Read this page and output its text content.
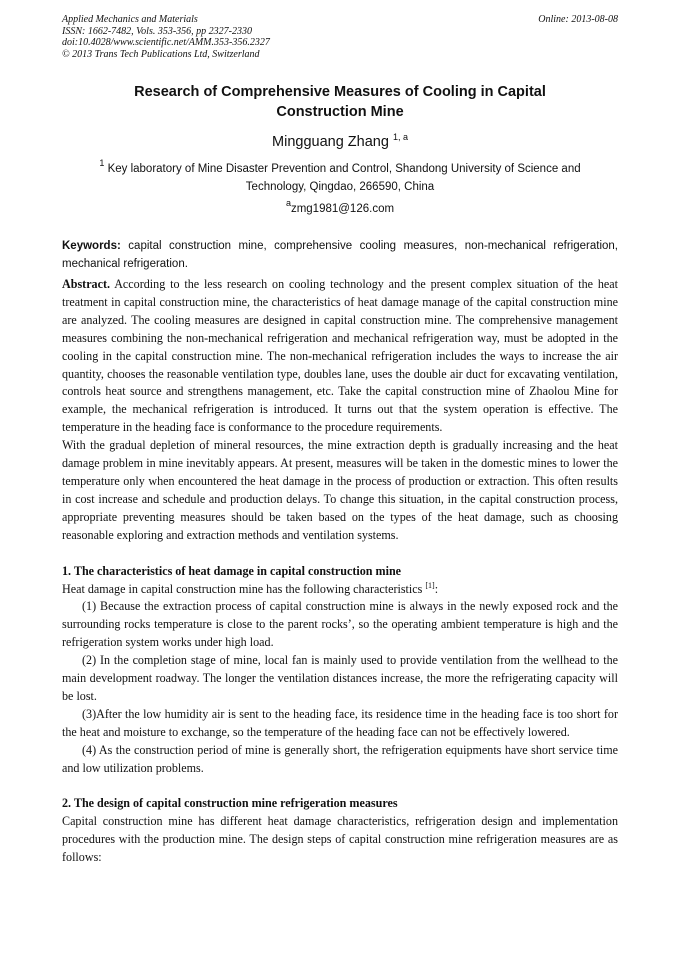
Applied Mechanics and Materials
ISSN: 1662-7482, Vols. 353-356, pp 2327-2330
doi:10.4028/www.scientific.net/AMM.353-356.2327
© 2013 Trans Tech Publications Ltd, Switzerland
Online: 2013-08-08
Research of Comprehensive Measures of Cooling in Capital
Construction Mine
Mingguang Zhang $^{1, a}$
$^1$ Key laboratory of Mine Disaster Prevention and Control, Shandong University of Science and
Technology, Qingdao, 266590, China
$^a$zmg1981@126.com
Keywords: capital construction mine, comprehensive cooling measures, non-mechanical refrigeration, mechanical refrigeration.

Abstract. According to the less research on cooling technology and the present complex situation of the heat treatment in capital construction mine, the characteristics of heat damage manage of the capital construction mine are analyzed. The cooling measures are designed in capital construction mine. The comprehensive management measures combining the non-mechanical refrigeration and mechanical refrigeration way, must be adopted in the cooling in the capital construction mine. The non-mechanical refrigeration includes the ways to increase the air quantity, chooses the reasonable ventilation type, doubles lane, uses the double air duct for excavating ventilation, controls heat source and strengthens management, etc. Take the capital construction mine of Zhaolou Mine for example, the mechanical refrigeration is introduced. It turns out that the system operation is effective. The temperature in the heading face is conformance to the procedure requirements.

With the gradual depletion of mineral resources, the mine extraction depth is gradually increasing and the heat damage problem in mine inevitably appears. At present, measures will be taken in the domestic mines to lower the temperature only when encountered the heat damage in the process of production or extraction. This often results in cost increase and schedule and production delays. To change this situation, in the capital construction process, appropriate preventing measures should be taken based on the types of the heat damage, such as choosing reasonable exploring and extraction methods and ventilation systems.

1. The characteristics of heat damage in capital construction mine

Heat damage in capital construction mine has the following characteristics [1]:

(1) Because the extraction process of capital construction mine is always in the newly exposed rock and the surrounding rocks temperature is close to the parent rocks’, so the operating ambient temperature is high and the refrigeration system works under high load.

(2) In the completion stage of mine, local fan is mainly used to provide ventilation from the wellhead to the main development roadway. The longer the ventilation distances increase, the more the refrigerating capacity will be lost.

(3)After the low humidity air is sent to the heading face, its residence time in the heading face is too short for the heat and moisture to exchange, so the temperature of the heading face can not be effectively lowered.

(4) As the construction period of mine is generally short, the refrigeration equipments have short service time and low utilization problems.

2. The design of capital construction mine refrigeration measures

Capital construction mine has different heat damage characteristics, refrigeration design and implementation procedures with the production mine. The design steps of capital construction mine refrigeration measures are as follows:
